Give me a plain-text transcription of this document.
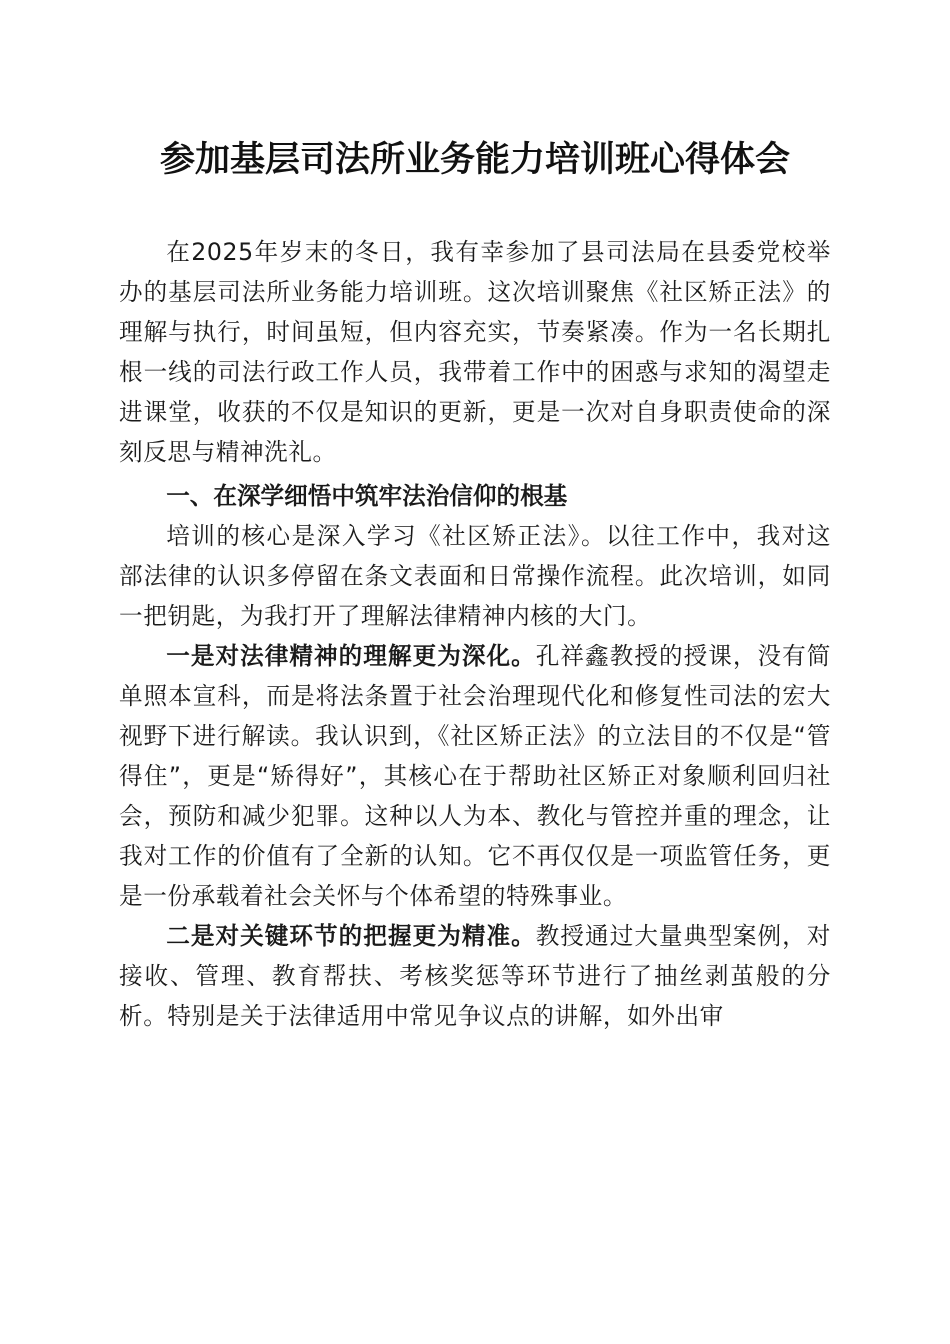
参加基层司法所业务能力培训班心得体会

在2025年岁末的冬日，我有幸参加了县司法局在县委党校举办的基层司法所业务能力培训班。这次培训聚焦《社区矫正法》的理解与执行，时间虽短，但内容充实，节奏紧凑。作为一名长期扎根一线的司法行政工作人员，我带着工作中的困惑与求知的渴望走进课堂，收获的不仅是知识的更新，更是一次对自身职责使命的深刻反思与精神洗礼。

一、在深学细悟中筑牢法治信仰的根基

培训的核心是深入学习《社区矫正法》。以往工作中，我对这部法律的认识多停留在条文表面和日常操作流程。此次培训，如同一把钥匙，为我打开了理解法律精神内核的大门。

一是对法律精神的理解更为深化。孔祥鑫教授的授课，没有简单照本宣科，而是将法条置于社会治理现代化和修复性司法的宏大视野下进行解读。我认识到，《社区矫正法》的立法目的不仅是“管得住”，更是“矫得好”，其核心在于帮助社区矫正对象顺利回归社会，预防和减少犯罪。这种以人为本、教化与管控并重的理念，让我对工作的价值有了全新的认知。它不再仅仅是一项监管任务，更是一份承载着社会关怀与个体希望的特殊事业。

二是对关键环节的把握更为精准。教授通过大量典型案例，对接收、管理、教育帮扶、考核奖惩等环节进行了抽丝剥茧般的分析。特别是关于法律适用中常见争议点的讲解，如外出审
